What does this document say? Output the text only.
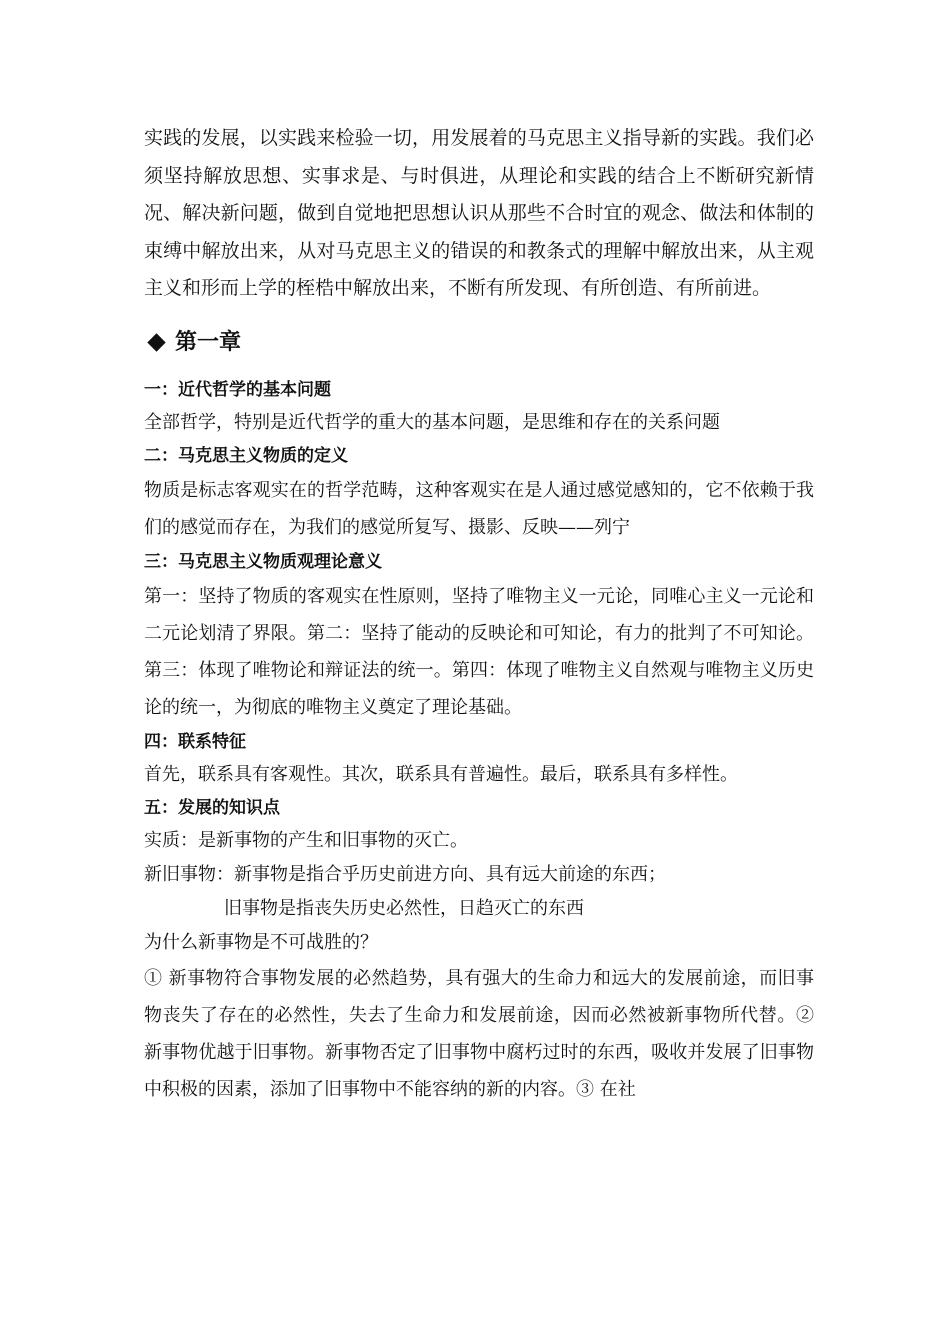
实践的发展，以实践来检验一切，用发展着的马克思主义指导新的实践。我们必须坚持解放思想、实事求是、与时俱进，从理论和实践的结合上不断研究新情况、解决新问题，做到自觉地把思想认识从那些不合时宜的观念、做法和体制的束缚中解放出来，从对马克思主义的错误的和教条式的理解中解放出来，从主观主义和形而上学的桎梏中解放出来，不断有所发现、有所创造、有所前进。

第一章

一：近代哲学的基本问题

全部哲学，特别是近代哲学的重大的基本问题，是思维和存在的关系问题

二：马克思主义物质的定义

物质是标志客观实在的哲学范畴，这种客观实在是人通过感觉感知的，它不依赖于我们的感觉而存在，为我们的感觉所复写、摄影、反映——列宁

三：马克思主义物质观理论意义

第一：坚持了物质的客观实在性原则，坚持了唯物主义一元论，同唯心主义一元论和二元论划清了界限。第二：坚持了能动的反映论和可知论，有力的批判了不可知论。第三：体现了唯物论和辩证法的统一。第四：体现了唯物主义自然观与唯物主义历史论的统一，为彻底的唯物主义奠定了理论基础。

四：联系特征

首先，联系具有客观性。其次，联系具有普遍性。最后，联系具有多样性。

五：发展的知识点

实质：是新事物的产生和旧事物的灭亡。

新旧事物：新事物是指合乎历史前进方向、具有远大前途的东西；

旧事物是指丧失历史必然性，日趋灭亡的东西

为什么新事物是不可战胜的？

① 新事物符合事物发展的必然趋势，具有强大的生命力和远大的发展前途，而旧事物丧失了存在的必然性，失去了生命力和发展前途，因而必然被新事物所代替。② 新事物优越于旧事物。新事物否定了旧事物中腐朽过时的东西，吸收并发展了旧事物中积极的因素，添加了旧事物中不能容纳的新的内容。③ 在社
